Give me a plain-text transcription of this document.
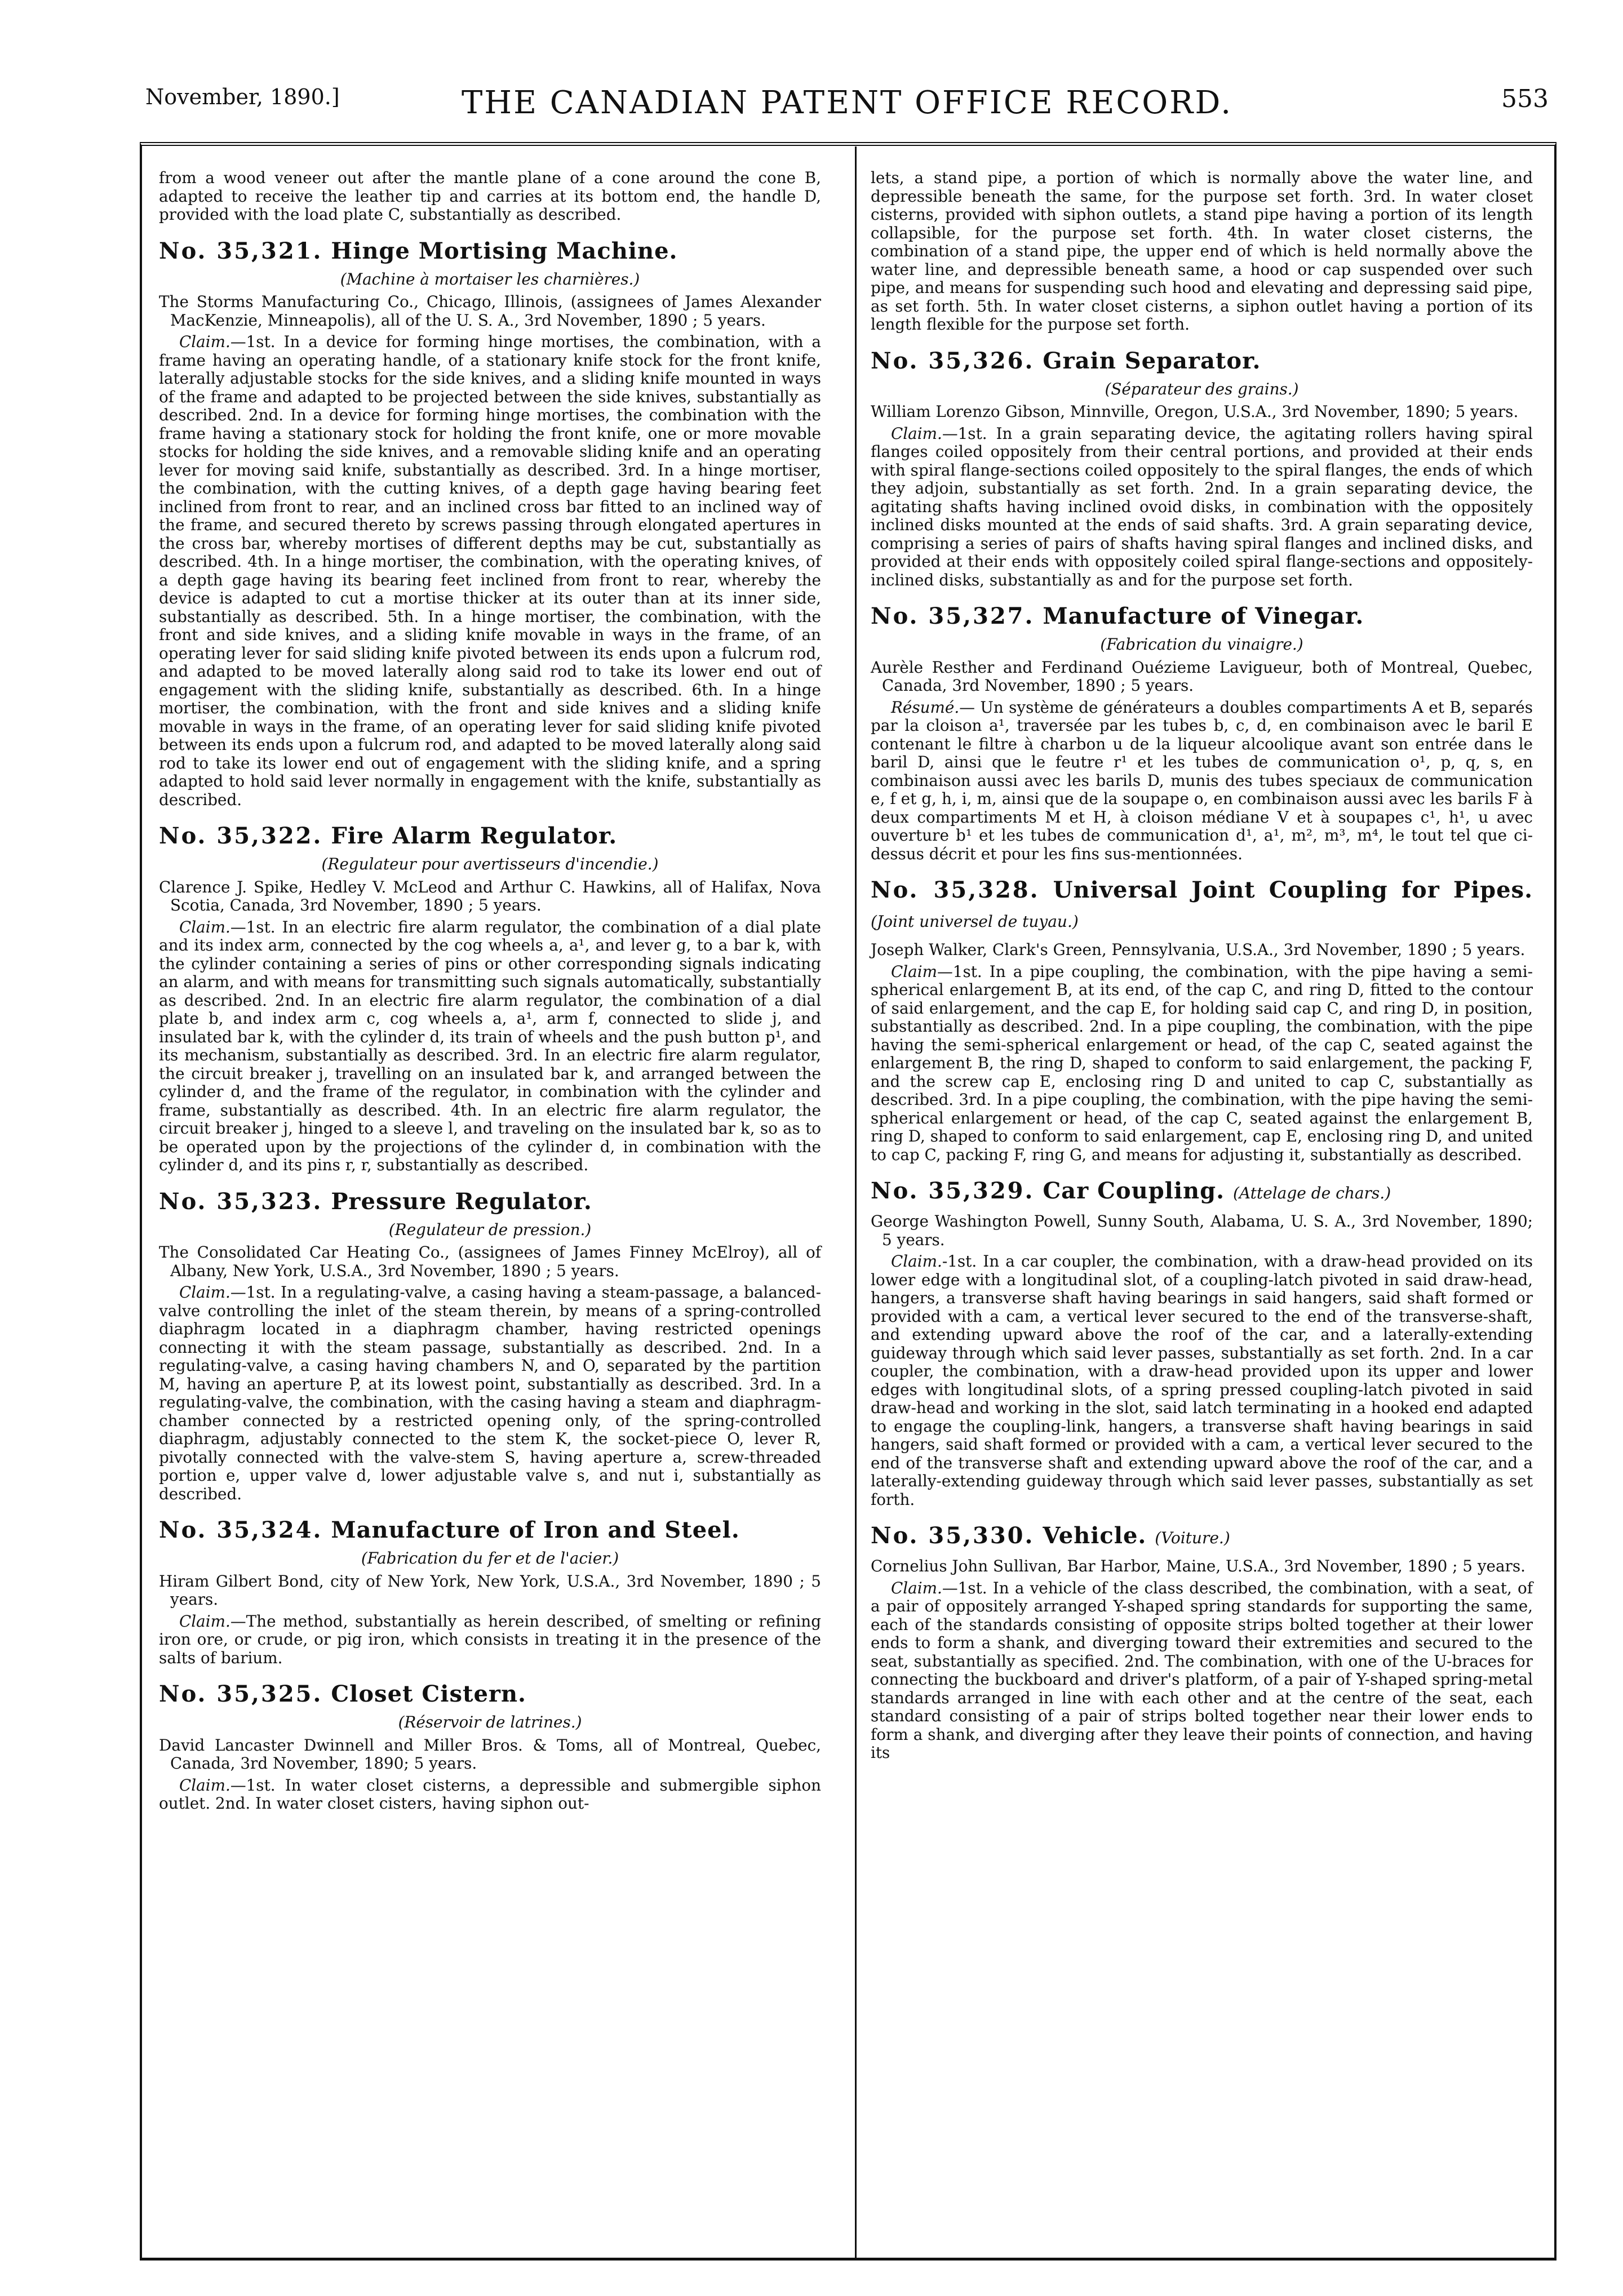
November, 1890.]	THE CANADIAN PATENT OFFICE RECORD.	553

from a wood veneer out after the mantle plane of a cone around the cone B, adapted to receive the leather tip and carries at its bottom end, the handle D, provided with the load plate C, substantially as described.

No. 35,321. Hinge Mortising Machine.

(Machine à mortaiser les charnières.)

The Storms Manufacturing Co., Chicago, Illinois, (assignees of James Alexander MacKenzie, Minneapolis), all of the U. S. A., 3rd November, 1890 ; 5 years.

Claim.—1st. In a device for forming hinge mortises, the combination, with a frame having an operating handle, of a stationary knife stock for the front knife, laterally adjustable stocks for the side knives, and a sliding knife mounted in ways of the frame and adapted to be projected between the side knives, substantially as described. 2nd. In a device for forming hinge mortises, the combination with the frame having a stationary stock for holding the front knife, one or more movable stocks for holding the side knives, and a removable sliding knife and an operating lever for moving said knife, substantially as described. 3rd. In a hinge mortiser, the combination, with the cutting knives, of a depth gage having bearing feet inclined from front to rear, and an inclined cross bar fitted to an inclined way of the frame, and secured thereto by screws passing through elongated apertures in the cross bar, whereby mortises of different depths may be cut, substantially as described. 4th. In a hinge mortiser, the combination, with the operating knives, of a depth gage having its bearing feet inclined from front to rear, whereby the device is adapted to cut a mortise thicker at its outer than at its inner side, substantially as described. 5th. In a hinge mortiser, the combination, with the front and side knives, and a sliding knife movable in ways in the frame, of an operating lever for said sliding knife pivoted between its ends upon a fulcrum rod, and adapted to be moved laterally along said rod to take its lower end out of engagement with the sliding knife, substantially as described. 6th. In a hinge mortiser, the combination, with the front and side knives and a sliding knife movable in ways in the frame, of an operating lever for said sliding knife pivoted between its ends upon a fulcrum rod, and adapted to be moved laterally along said rod to take its lower end out of engagement with the sliding knife, and a spring adapted to hold said lever normally in engagement with the knife, substantially as described.

No. 35,322. Fire Alarm Regulator.

(Regulateur pour avertisseurs d'incendie.)

Clarence J. Spike, Hedley V. McLeod and Arthur C. Hawkins, all of Halifax, Nova Scotia, Canada, 3rd November, 1890 ; 5 years.

Claim.—1st. In an electric fire alarm regulator, the combination of a dial plate and its index arm, connected by the cog wheels a, a¹, and lever g, to a bar k, with the cylinder containing a series of pins or other corresponding signals indicating an alarm, and with means for transmitting such signals automatically, substantially as described. 2nd. In an electric fire alarm regulator, the combination of a dial plate b, and index arm c, cog wheels a, a¹, arm f, connected to slide j, and insulated bar k, with the cylinder d, its train of wheels and the push button p¹, and its mechanism, substantially as described. 3rd. In an electric fire alarm regulator, the circuit breaker j, travelling on an insulated bar k, and arranged between the cylinder d, and the frame of the regulator, in combination with the cylinder and frame, substantially as described. 4th. In an electric fire alarm regulator, the circuit breaker j, hinged to a sleeve l, and traveling on the insulated bar k, so as to be operated upon by the projections of the cylinder d, in combination with the cylinder d, and its pins r, r, substantially as described.

No. 35,323. Pressure Regulator.

(Regulateur de pression.)

The Consolidated Car Heating Co., (assignees of James Finney McElroy), all of Albany, New York, U.S.A., 3rd November, 1890 ; 5 years.

Claim.—1st. In a regulating-valve, a casing having a steam-passage, a balanced-valve controlling the inlet of the steam therein, by means of a spring-controlled diaphragm located in a diaphragm chamber, having restricted openings connecting it with the steam passage, substantially as described. 2nd. In a regulating-valve, a casing having chambers N, and O, separated by the partition M, having an aperture P, at its lowest point, substantially as described. 3rd. In a regulating-valve, the combination, with the casing having a steam and diaphragm-chamber connected by a restricted opening only, of the spring-controlled diaphragm, adjustably connected to the stem K, the socket-piece O, lever R, pivotally connected with the valve-stem S, having aperture a, screw-threaded portion e, upper valve d, lower adjustable valve s, and nut i, substantially as described.

No. 35,324. Manufacture of Iron and Steel.

(Fabrication du fer et de l'acier.)

Hiram Gilbert Bond, city of New York, New York, U.S.A., 3rd November, 1890 ; 5 years.

Claim.—The method, substantially as herein described, of smelting or refining iron ore, or crude, or pig iron, which consists in treating it in the presence of the salts of barium.

No. 35,325. Closet Cistern.

(Réservoir de latrines.)

David Lancaster Dwinnell and Miller Bros. & Toms, all of Montreal, Quebec, Canada, 3rd November, 1890; 5 years.

Claim.—1st. In water closet cisterns, a depressible and submergible siphon outlet. 2nd. In water closet cisters, having siphon out-

lets, a stand pipe, a portion of which is normally above the water line, and depressible beneath the same, for the purpose set forth. 3rd. In water closet cisterns, provided with siphon outlets, a stand pipe having a portion of its length collapsible, for the purpose set forth. 4th. In water closet cisterns, the combination of a stand pipe, the upper end of which is held normally above the water line, and depressible beneath same, a hood or cap suspended over such pipe, and means for suspending such hood and elevating and depressing said pipe, as set forth. 5th. In water closet cisterns, a siphon outlet having a portion of its length flexible for the purpose set forth.

No. 35,326. Grain Separator.

(Séparateur des grains.)

William Lorenzo Gibson, Minnville, Oregon, U.S.A., 3rd November, 1890; 5 years.

Claim.—1st. In a grain separating device, the agitating rollers having spiral flanges coiled oppositely from their central portions, and provided at their ends with spiral flange-sections coiled oppositely to the spiral flanges, the ends of which they adjoin, substantially as set forth. 2nd. In a grain separating device, the agitating shafts having inclined ovoid disks, in combination with the oppositely inclined disks mounted at the ends of said shafts. 3rd. A grain separating device, comprising a series of pairs of shafts having spiral flanges and inclined disks, and provided at their ends with oppositely coiled spiral flange-sections and oppositely-inclined disks, substantially as and for the purpose set forth.

No. 35,327. Manufacture of Vinegar.

(Fabrication du vinaigre.)

Aurèle Resther and Ferdinand Ouézieme Lavigueur, both of Montreal, Quebec, Canada, 3rd November, 1890 ; 5 years.

Résumé.— Un système de générateurs a doubles compartiments A et B, separés par la cloison a¹, traversée par les tubes b, c, d, en combinaison avec le baril E contenant le filtre à charbon u de la liqueur alcoolique avant son entrée dans le baril D, ainsi que le feutre r¹ et les tubes de communication o¹, p, q, s, en combinaison aussi avec les barils D, munis des tubes speciaux de communication e, f et g, h, i, m, ainsi que de la soupape o, en combinaison aussi avec les barils F à deux compartiments M et H, à cloison médiane V et à soupapes c¹, h¹, u avec ouverture b¹ et les tubes de communication d¹, a¹, m², m³, m⁴, le tout tel que ci-dessus décrit et pour les fins sus-mentionnées.

No. 35,328. Universal Joint Coupling for Pipes. (Joint universel de tuyau.)

Joseph Walker, Clark's Green, Pennsylvania, U.S.A., 3rd November, 1890 ; 5 years.

Claim—1st. In a pipe coupling, the combination, with the pipe having a semi-spherical enlargement B, at its end, of the cap C, and ring D, fitted to the contour of said enlargement, and the cap E, for holding said cap C, and ring D, in position, substantially as described. 2nd. In a pipe coupling, the combination, with the pipe having the semi-spherical enlargement or head, of the cap C, seated against the enlargement B, the ring D, shaped to conform to said enlargement, the packing F, and the screw cap E, enclosing ring D and united to cap C, substantially as described. 3rd. In a pipe coupling, the combination, with the pipe having the semi-spherical enlargement or head, of the cap C, seated against the enlargement B, ring D, shaped to conform to said enlargement, cap E, enclosing ring D, and united to cap C, packing F, ring G, and means for adjusting it, substantially as described.

No. 35,329. Car Coupling. (Attelage de chars.)

George Washington Powell, Sunny South, Alabama, U. S. A., 3rd November, 1890; 5 years.

Claim.-1st. In a car coupler, the combination, with a draw-head provided on its lower edge with a longitudinal slot, of a coupling-latch pivoted in said draw-head, hangers, a transverse shaft having bearings in said hangers, said shaft formed or provided with a cam, a vertical lever secured to the end of the transverse-shaft, and extending upward above the roof of the car, and a laterally-extending guideway through which said lever passes, substantially as set forth. 2nd. In a car coupler, the combination, with a draw-head provided upon its upper and lower edges with longitudinal slots, of a spring pressed coupling-latch pivoted in said draw-head and working in the slot, said latch terminating in a hooked end adapted to engage the coupling-link, hangers, a transverse shaft having bearings in said hangers, said shaft formed or provided with a cam, a vertical lever secured to the end of the transverse shaft and extending upward above the roof of the car, and a laterally-extending guideway through which said lever passes, substantially as set forth.

No. 35,330. Vehicle. (Voiture.)

Cornelius John Sullivan, Bar Harbor, Maine, U.S.A., 3rd November, 1890 ; 5 years.

Claim.—1st. In a vehicle of the class described, the combination, with a seat, of a pair of oppositely arranged Y-shaped spring standards for supporting the same, each of the standards consisting of opposite strips bolted together at their lower ends to form a shank, and diverging toward their extremities and secured to the seat, substantially as specified. 2nd. The combination, with one of the U-braces for connecting the buckboard and driver's platform, of a pair of Y-shaped spring-metal standards arranged in line with each other and at the centre of the seat, each standard consisting of a pair of strips bolted together near their lower ends to form a shank, and diverging after they leave their points of connection, and having its
